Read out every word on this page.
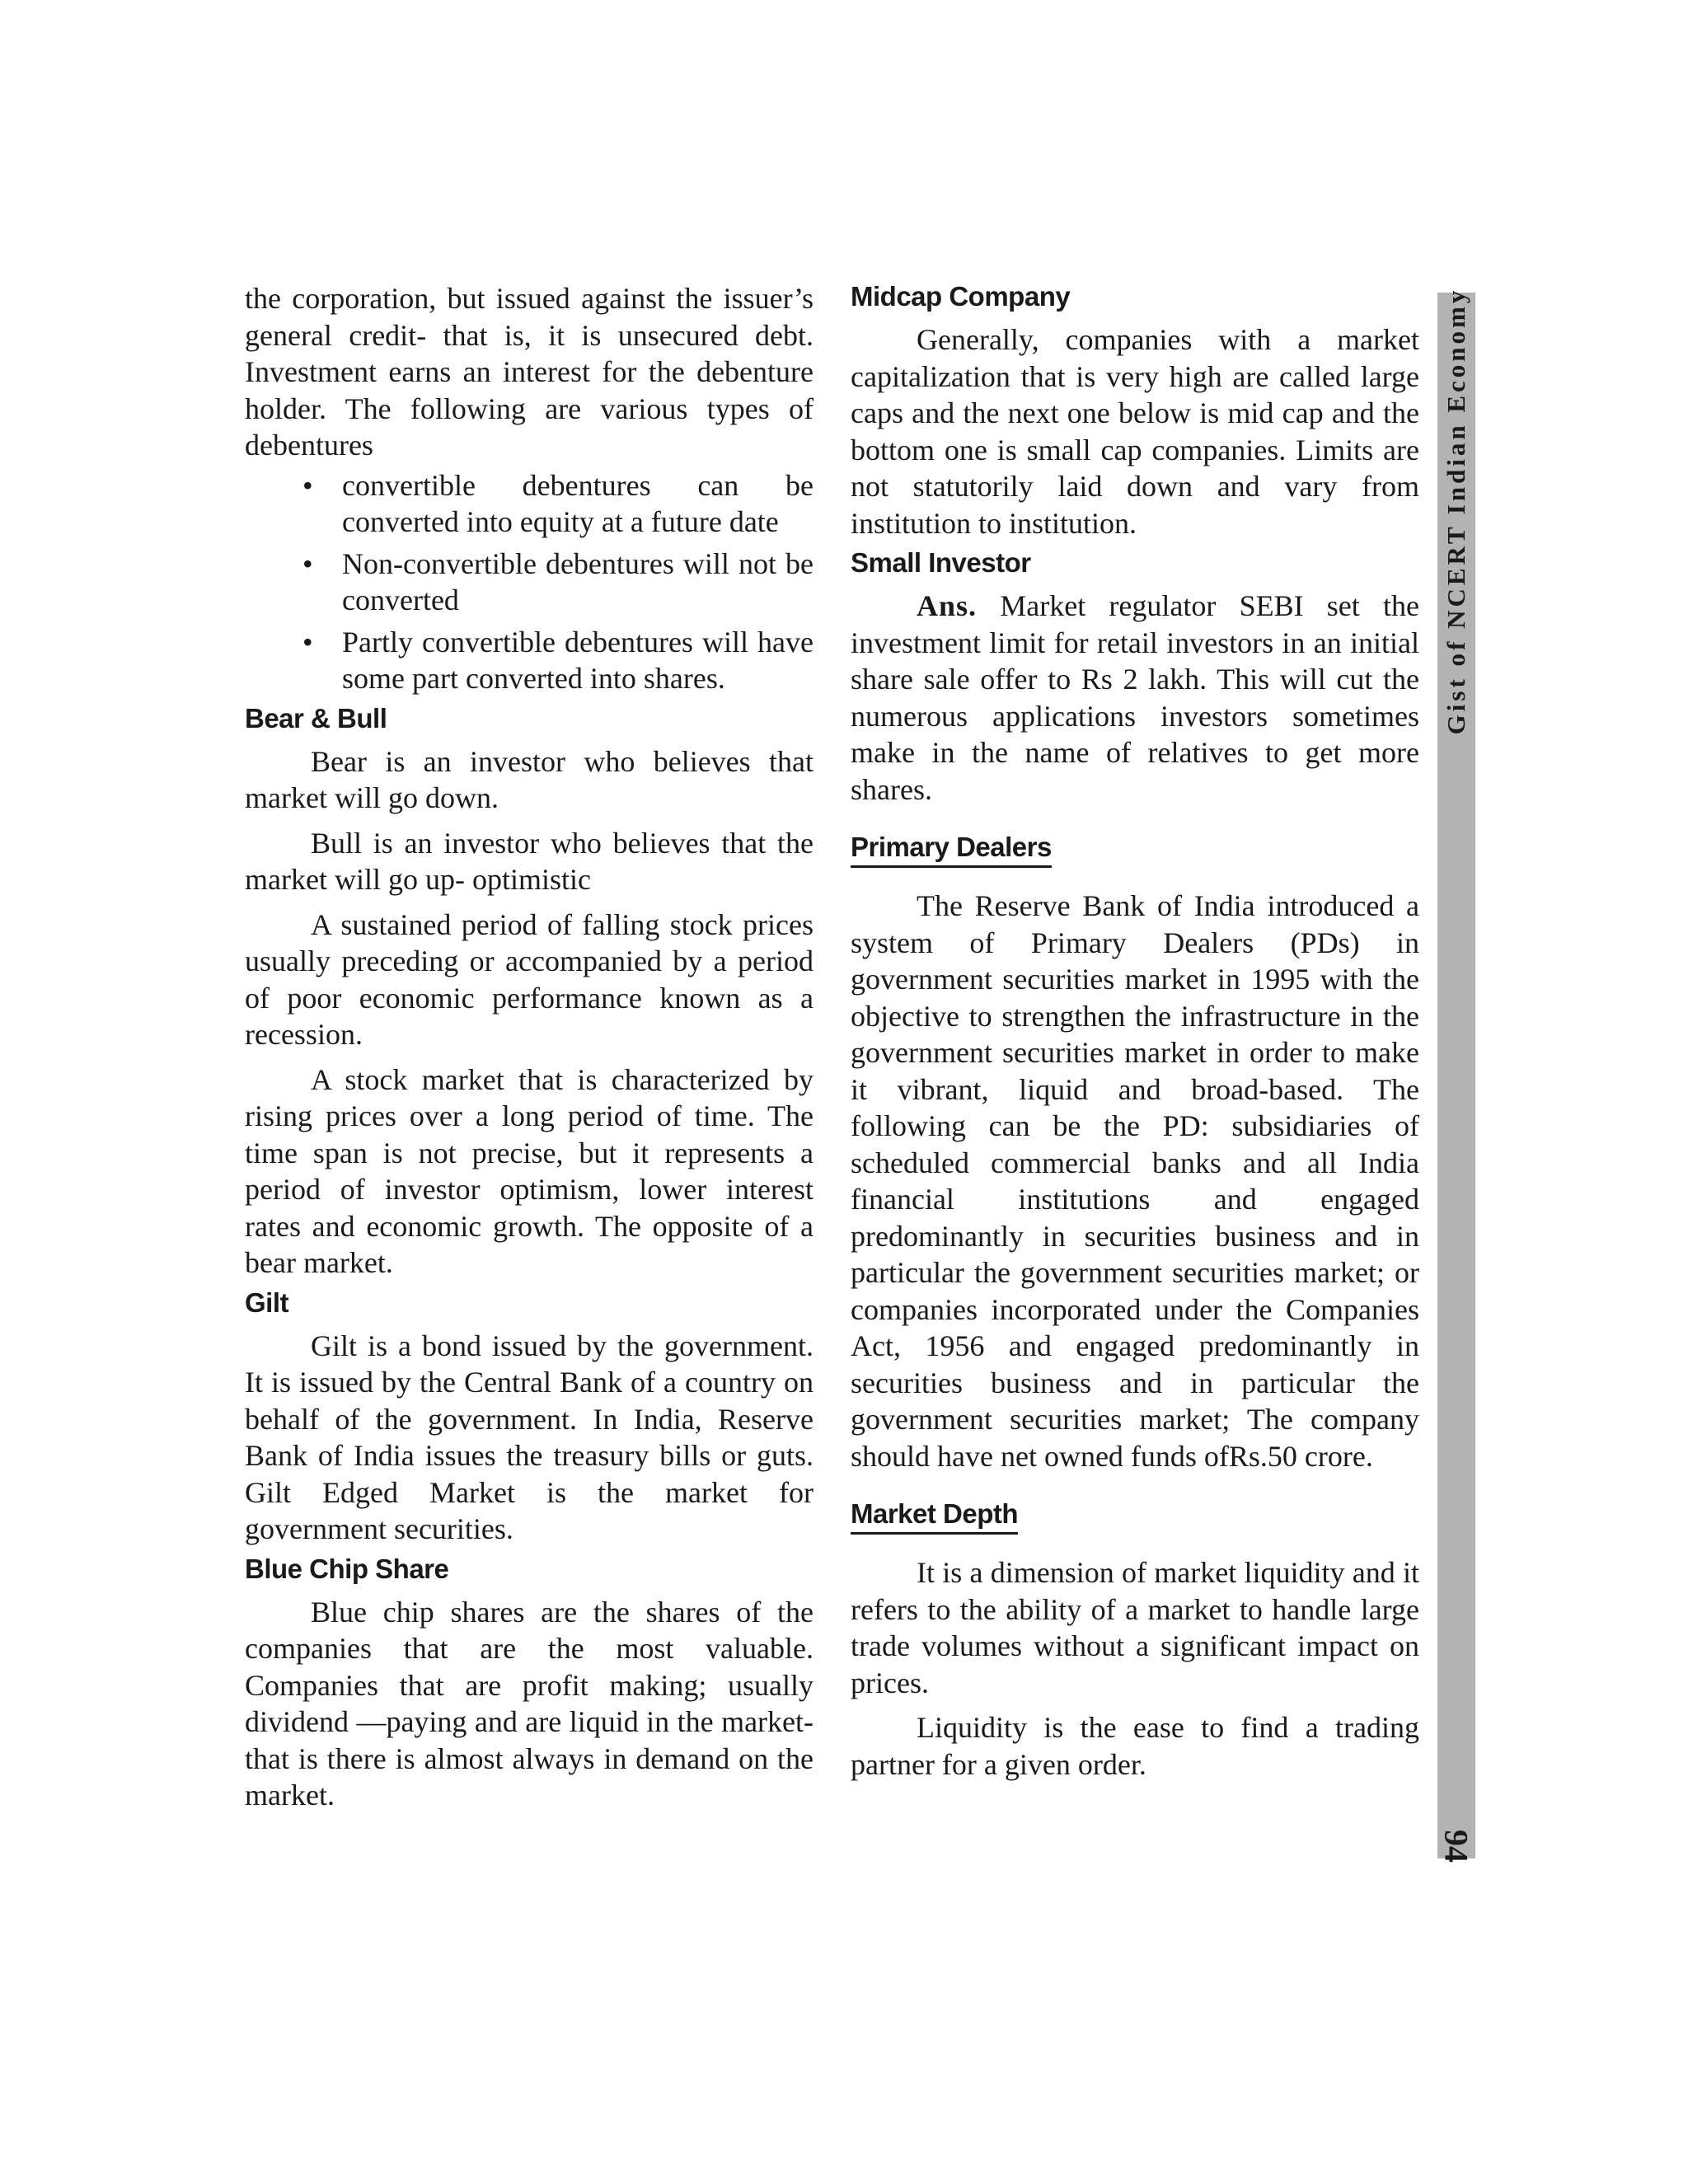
the corporation, but issued against the issuer’s general credit- that is, it is unsecured debt. Investment earns an interest for the debenture holder. The following are various types of debentures

• convertible debentures can be converted into equity at a future date
• Non-convertible debentures will not be converted
• Partly convertible debentures will have some part converted into shares.
Bear & Bull

Bear is an investor who believes that market will go down.

Bull is an investor who believes that the market will go up- optimistic

A sustained period of falling stock prices usually preceding or accompanied by a period of poor economic performance known as a recession.

A stock market that is characterized by rising prices over a long period of time. The time span is not precise, but it represents a period of investor optimism, lower interest rates and economic growth. The opposite of a bear market.

Gilt

Gilt is a bond issued by the government. It is issued by the Central Bank of a country on behalf of the government. In India, Reserve Bank of India issues the treasury bills or guts. Gilt Edged Market is the market for government securities.

Blue Chip Share

Blue chip shares are the shares of the companies that are the most valuable. Companies that are profit making; usually dividend —paying and are liquid in the market- that is there is almost always in demand on the market.

Midcap Company

Generally, companies with a market capitalization that is very high are called large caps and the next one below is mid cap and the bottom one is small cap companies. Limits are not statutorily laid down and vary from institution to institution.

Small Investor

Ans. Market regulator SEBI set the investment limit for retail investors in an initial share sale offer to Rs 2 lakh. This will cut the numerous applications investors sometimes make in the name of relatives to get more shares.

Primary Dealers

The Reserve Bank of India introduced a system of Primary Dealers (PDs) in government securities market in 1995 with the objective to strengthen the infrastructure in the government securities market in order to make it vibrant, liquid and broad-based. The following can be the PD: subsidiaries of scheduled commercial banks and all India financial institutions and engaged predominantly in securities business and in particular the government securities market; or companies incorporated under the Companies Act, 1956 and engaged predominantly in securities business and in particular the government securities market; The company should have net owned funds ofRs.50 crore.

Market Depth

It is a dimension of market liquidity and it refers to the ability of a market to handle large trade volumes without a significant impact on prices.

Liquidity is the ease to find a trading partner for a given order.

Gist of NCERT Indian Economy
94
